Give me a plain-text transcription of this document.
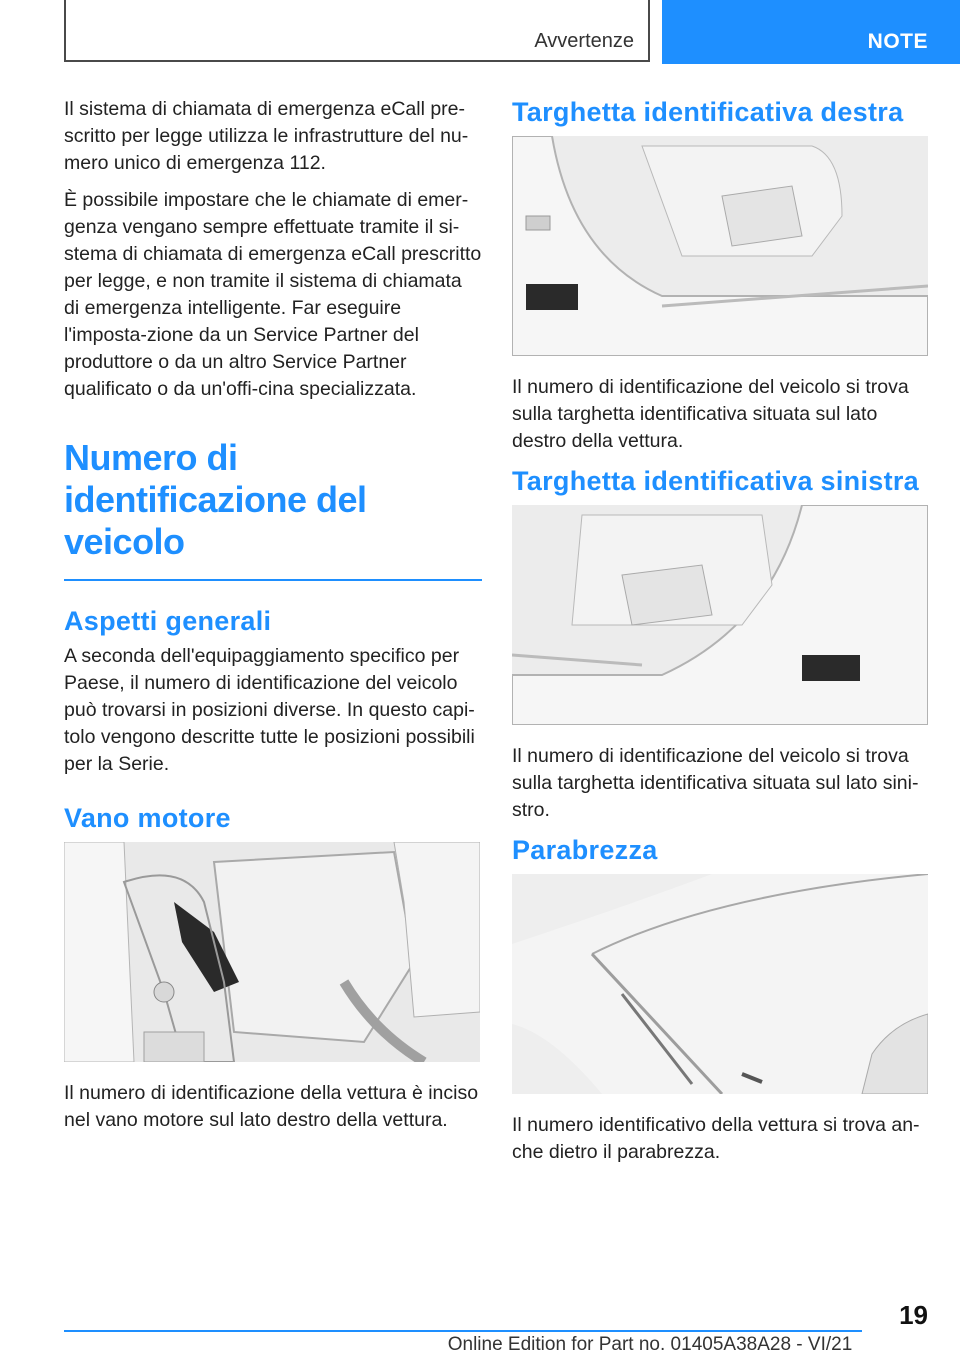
Avvertenze	NOTE

Il sistema di chiamata di emergenza eCall pre-scritto per legge utilizza le infrastrutture del nu-mero unico di emergenza 112.

È possibile impostare che le chiamate di emer-genza vengano sempre effettuate tramite il si-stema di chiamata di emergenza eCall prescritto per legge, e non tramite il sistema di chiamata di emergenza intelligente. Far eseguire l'imposta-zione da un Service Partner del produttore o da un altro Service Partner qualificato o da un'offi-cina specializzata.

Numero di identificazione del veicolo
Aspetti generali

A seconda dell'equipaggiamento specifico per Paese, il numero di identificazione del veicolo può trovarsi in posizioni diverse. In questo capi-tolo vengono descritte tutte le posizioni possibili per la Serie.

Vano motore

Il numero di identificazione della vettura è inciso nel vano motore sul lato destro della vettura.

Targhetta identificativa destra

Il numero di identificazione del veicolo si trova sulla targhetta identificativa situata sul lato destro della vettura.

Targhetta identificativa sinistra

Il numero di identificazione del veicolo si trova sulla targhetta identificativa situata sul lato sini-stro.

Parabrezza

Il numero identificativo della vettura si trova an-che dietro il parabrezza.

19
Online Edition for Part no. 01405A38A28 - VI/21
